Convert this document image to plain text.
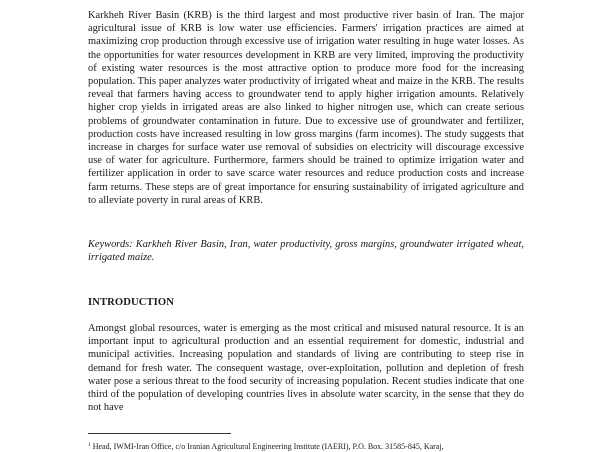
Karkheh River Basin (KRB) is the third largest and most productive river basin of Iran. The major agricultural issue of KRB is low water use efficiencies. Farmers' irrigation practices are aimed at maximizing crop production through excessive use of irrigation water resulting in huge water losses. As the opportunities for water resources development in KRB are very limited, improving the productivity of existing water resources is the most attractive option to produce more food for the increasing population. This paper analyzes water productivity of irrigated wheat and maize in the KRB. The results reveal that farmers having access to groundwater tend to apply higher irrigation amounts. Relatively higher crop yields in irrigated areas are also linked to higher nitrogen use, which can create serious problems of groundwater contamination in future. Due to excessive use of groundwater and fertilizer, production costs have increased resulting in low gross margins (farm incomes). The study suggests that increase in charges for surface water use removal of subsidies on electricity will discourage excessive use of water for agriculture. Furthermore, farmers should be trained to optimize irrigation water and fertilizer application in order to save scarce water resources and reduce production costs and increase farm returns. These steps are of great importance for ensuring sustainability of irrigated agriculture and to alleviate poverty in rural areas of KRB.

Keywords: Karkheh River Basin, Iran, water productivity, gross margins, groundwater irrigated wheat, irrigated maize.

INTRODUCTION

Amongst global resources, water is emerging as the most critical and misused natural resource. It is an important input to agricultural production and an essential requirement for domestic, industrial and municipal activities. Increasing population and standards of living are contributing to steep rise in demand for fresh water. The consequent wastage, over-exploitation, pollution and depletion of fresh water pose a serious threat to the food security of increasing population. Recent studies indicate that one third of the population of developing countries lives in absolute water scarcity, in the sense that they do not have

$^1$ Head, IWMI-Iran Office, c/o Iranian Agricultural Engineering Institute (IAERI), P.O. Box. 31585-845, Karaj,
